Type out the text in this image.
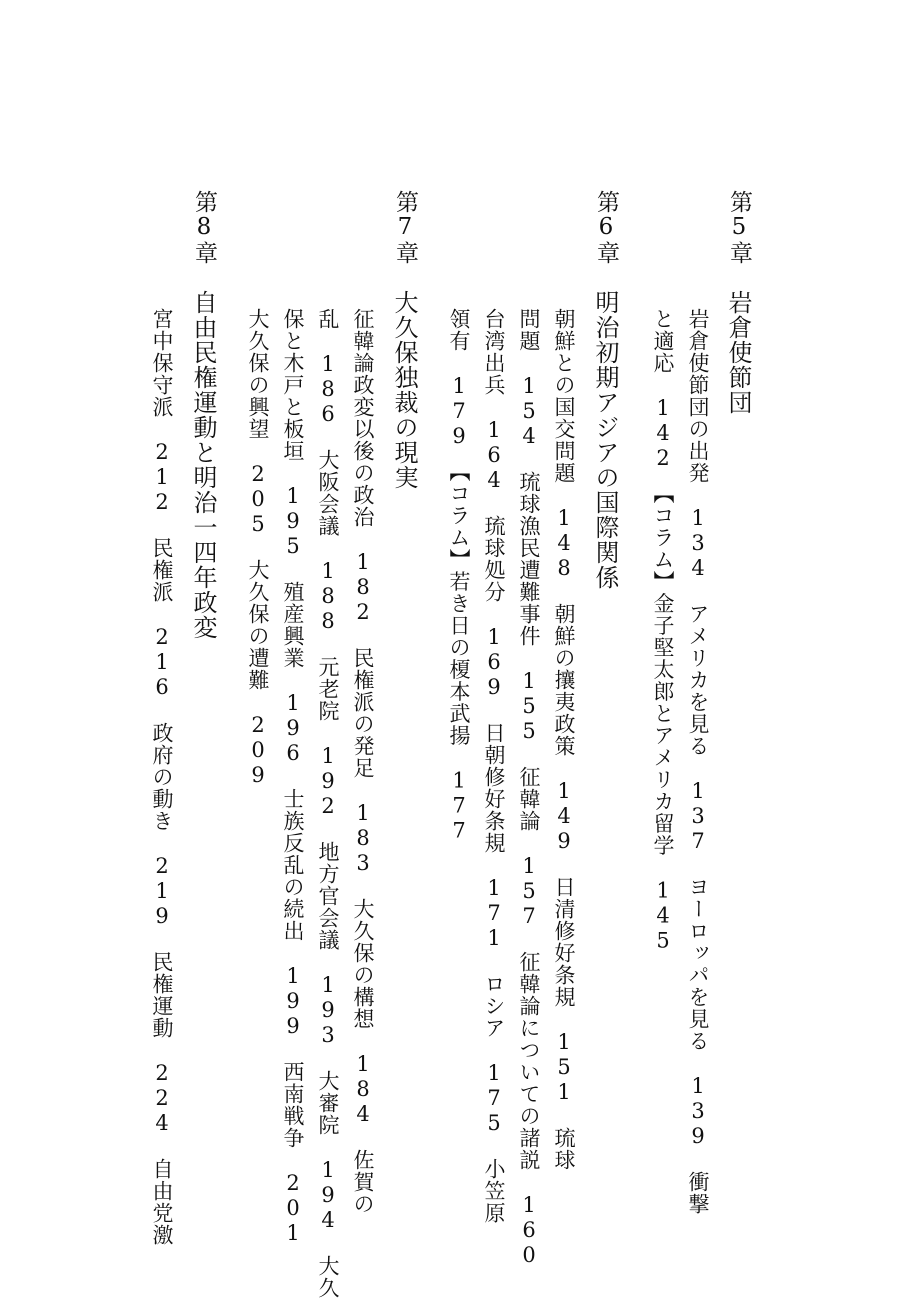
第5章
岩倉使節団
岩倉使節団の出発　134　アメリカを見る　137　ヨーロッパを見る　139　衝撃
と適応　142　【コラム】金子堅太郎とアメリカ留学　145
第6章
明治初期アジアの国際関係
朝鮮との国交問題　148　朝鮮の攘夷政策　149　日清修好条規　151　琉球
問題　154　琉球漁民遭難事件　155　征韓論　157　征韓論についての諸説　160
台湾出兵　164　琉球処分　169　日朝修好条規　171　ロシア　175　小笠原
領有　179　【コラム】若き日の榎本武揚　177
第7章
大久保独裁の現実
征韓論政変以後の政治　182　民権派の発足　183　大久保の構想　184　佐賀の
乱　186　大阪会議　188　元老院　192　地方官会議　193　大審院　194　大久
保と木戸と板垣　195　殖産興業　196　士族反乱の続出　199　西南戦争　201
大久保の興望　205　大久保の遭難　209
第8章
自由民権運動と明治一四年政変
宮中保守派　212　民権派　216　政府の動き　219　民権運動　224　自由党激
